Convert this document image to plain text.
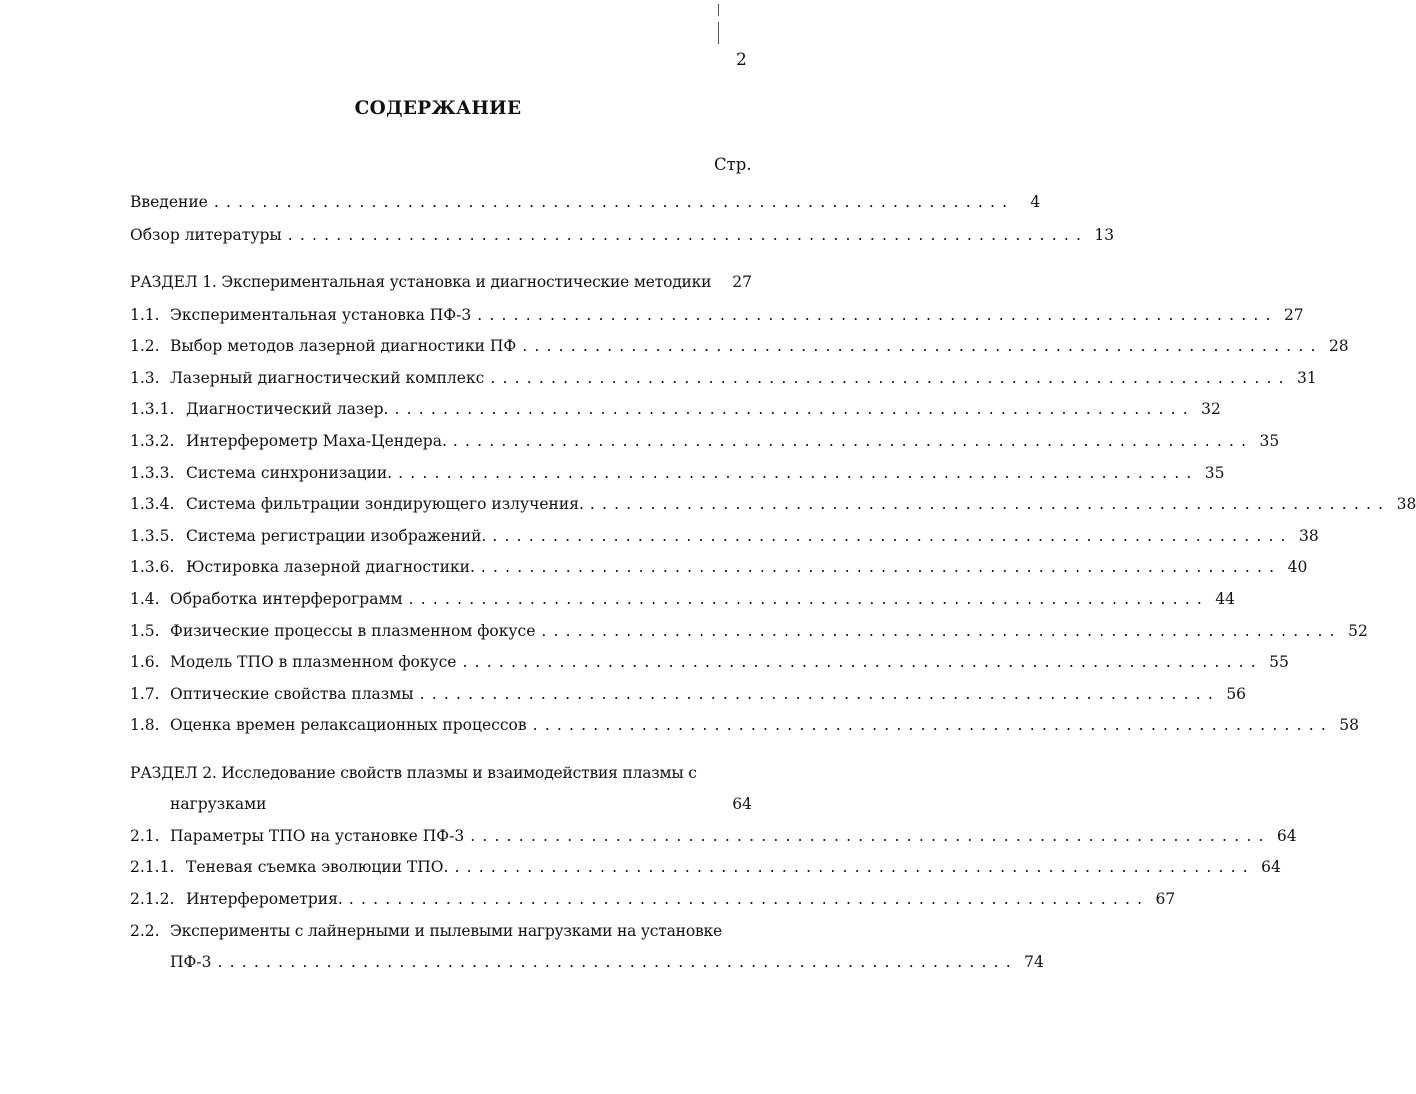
2
СОДЕРЖАНИЕ
Стр.
Введение ..................................................................	4
Обзор литературы .................................................................. 13
РАЗДЕЛ 1. Экспериментальная установка и диагностические методики 27
1.1. Экспериментальная установка ПФ-3 .................................................................. 27
1.2. Выбор методов лазерной диагностики ПФ .................................................................. 28
1.3. Лазерный диагностический комплекс .................................................................. 31
1.3.1. Диагностический лазер. .................................................................. 32
1.3.2. Интерферометр Маха-Цендера. .................................................................. 35
1.3.3. Система синхронизации. .................................................................. 35
1.3.4. Система фильтрации зондирующего излучения. .................................................................. 38
1.3.5. Система регистрации изображений. .................................................................. 38
1.3.6. Юстировка лазерной диагностики. .................................................................. 40
1.4. Обработка интерферограмм .................................................................. 44
1.5. Физические процессы в плазменном фокусе .................................................................. 52
1.6. Модель ТПО в плазменном фокусе .................................................................. 55
1.7. Оптические свойства плазмы .................................................................. 56
1.8. Оценка времен релаксационных процессов .................................................................. 58
РАЗДЕЛ 2. Исследование свойств плазмы и взаимодействия плазмы с
нагрузками	64
2.1. Параметры ТПО на установке ПФ-3 .................................................................. 64
2.1.1. Теневая съемка эволюции ТПО. .................................................................. 64
2.1.2. Интерферометрия. .................................................................. 67
2.2. Эксперименты с лайнерными и пылевыми нагрузками на установке
ПФ-3 .................................................................. 74
